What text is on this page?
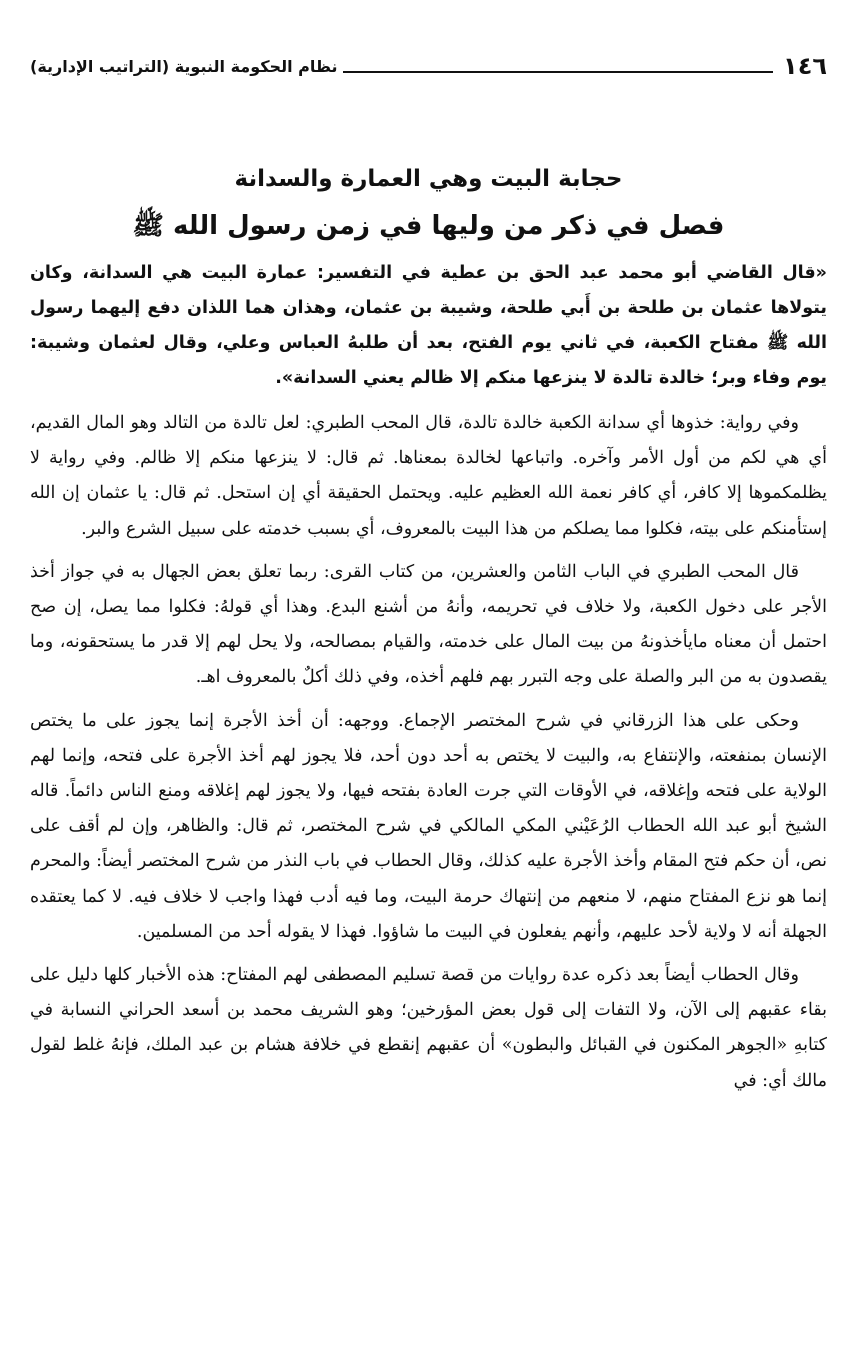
١٤٦
نظام الحكومة النبوية (التراتيب الإدارية)
حجابة البيت وهي العمارة والسدانة
فصل في ذكر من وليها في زمن رسول الله ﷺ
«قال القاضي أبو محمد عبد الحق بن عطية في التفسير: عمارة البيت هي السدانة، وكان يتولاها عثمان بن طلحة بن أَبي طلحة، وشيبة بن عثمان، وهذان هما اللذان دفع إليهما رسول الله ﷺ مفتاح الكعبة، في ثاني يوم الفتح، بعد أن طلبهُ العباس وعلي، وقال لعثمان وشيبة: يوم وفاء وبر؛ خالدة تالدة لا ينزعها منكم إلا ظالم يعني السدانة».

وفي رواية: خذوها أي سدانة الكعبة خالدة تالدة، قال المحب الطبري: لعل تالدة من التالد وهو المال القديم، أي هي لكم من أول الأمر وآخره. واتباعها لخالدة بمعناها. ثم قال: لا ينزعها منكم إلا ظالم. وفي رواية لا يظلمكموها إلا كافر، أي كافر نعمة الله العظيم عليه. ويحتمل الحقيقة أي إن استحل. ثم قال: يا عثمان إن الله إستأمنكم على بيته، فكلوا مما يصلكم من هذا البيت بالمعروف، أي بسبب خدمته على سبيل الشرع والبر.

قال المحب الطبري في الباب الثامن والعشرين، من كتاب القرى: ربما تعلق بعض الجهال به في جواز أخذ الأجر على دخول الكعبة، ولا خلاف في تحريمه، وأنهُ من أشنع البدع. وهذا أي قولهُ: فكلوا مما يصل، إن صح احتمل أن معناه مايأخذونهُ من بيت المال على خدمته، والقيام بمصالحه، ولا يحل لهم إلا قدر ما يستحقونه، وما يقصدون به من البر والصلة على وجه التبرر بهم فلهم أخذه، وفي ذلك أكلٌ بالمعروف اهـ.

وحكى على هذا الزرقاني في شرح المختصر الإجماع. ووجهه: أن أخذ الأجرة إنما يجوز على ما يختص الإنسان بمنفعته، والإنتفاع به، والبيت لا يختص به أحد دون أحد، فلا يجوز لهم أخذ الأجرة على فتحه، وإنما لهم الولاية على فتحه وإغلاقه، في الأوقات التي جرت العادة بفتحه فيها، ولا يجوز لهم إغلاقه ومنع الناس دائماً. قاله الشيخ أبو عبد الله الحطاب الرُعَيْني المكي المالكي في شرح المختصر، ثم قال: والظاهر، وإن لم أقف على نص، أن حكم فتح المقام وأخذ الأجرة عليه كذلك، وقال الحطاب في باب النذر من شرح المختصر أيضاً: والمحرم إنما هو نزع المفتاح منهم، لا منعهم من إنتهاك حرمة البيت، وما فيه أدب فهذا واجب لا خلاف فيه. لا كما يعتقده الجهلة أنه لا ولاية لأحد عليهم، وأنهم يفعلون في البيت ما شاؤوا. فهذا لا يقوله أحد من المسلمين.

وقال الحطاب أيضاً بعد ذكره عدة روايات من قصة تسليم المصطفى لهم المفتاح: هذه الأخبار كلها دليل على بقاء عقبهم إلى الآن، ولا التفات إلى قول بعض المؤرخين؛ وهو الشريف محمد بن أسعد الحراني النسابة في كتابهِ «الجوهر المكنون في القبائل والبطون» أن عقبهم إنقطع في خلافة هشام بن عبد الملك، فإنهُ غلط لقول مالك أي: في
